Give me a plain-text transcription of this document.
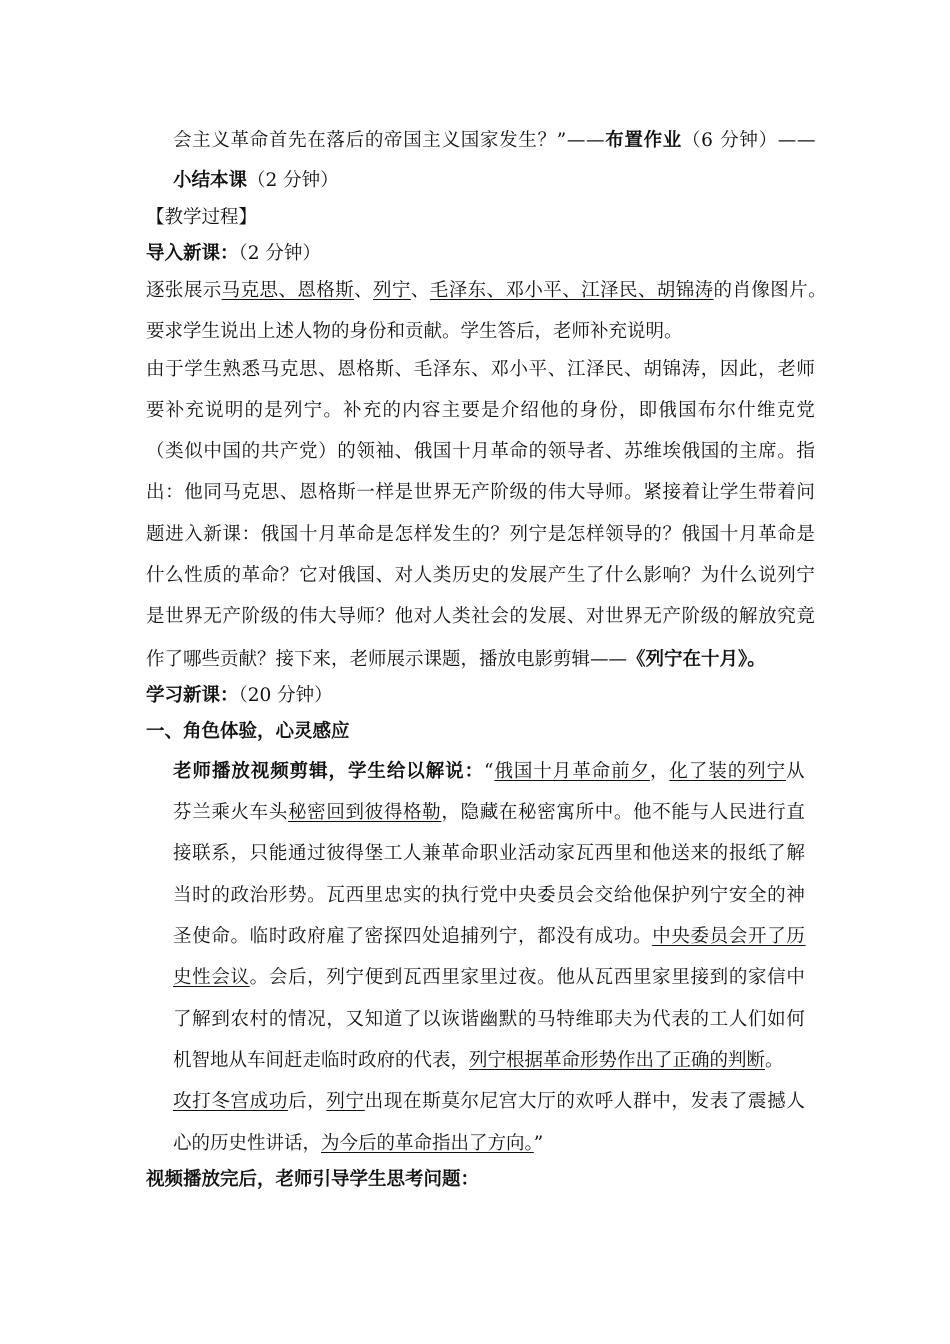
会主义革命首先在落后的帝国主义国家发生？”——布置作业（6 分钟）——
小结本课（2 分钟）
【教学过程】
导入新课：（2 分钟）
逐张展示马克思、恩格斯、列宁、毛泽东、邓小平、江泽民、胡锦涛的肖像图片。
要求学生说出上述人物的身份和贡献。学生答后，老师补充说明。
由于学生熟悉马克思、恩格斯、毛泽东、邓小平、江泽民、胡锦涛，因此，老师
要补充说明的是列宁。补充的内容主要是介绍他的身份，即俄国布尔什维克党
（类似中国的共产党）的领袖、俄国十月革命的领导者、苏维埃俄国的主席。指
出：他同马克思、恩格斯一样是世界无产阶级的伟大导师。紧接着让学生带着问
题进入新课：俄国十月革命是怎样发生的？列宁是怎样领导的？俄国十月革命是
什么性质的革命？它对俄国、对人类历史的发展产生了什么影响？为什么说列宁
是世界无产阶级的伟大导师？他对人类社会的发展、对世界无产阶级的解放究竟
作了哪些贡献？接下来，老师展示课题，播放电影剪辑——《列宁在十月》。
学习新课：（20 分钟）
一、角色体验，心灵感应
老师播放视频剪辑，学生给以解说：“俄国十月革命前夕，化了装的列宁从
芬兰乘火车头秘密回到彼得格勒，隐藏在秘密寓所中。他不能与人民进行直
接联系，只能通过彼得堡工人兼革命职业活动家瓦西里和他送来的报纸了解
当时的政治形势。瓦西里忠实的执行党中央委员会交给他保护列宁安全的神
圣使命。临时政府雇了密探四处追捕列宁，都没有成功。中央委员会开了历
史性会议。会后，列宁便到瓦西里家里过夜。他从瓦西里家里接到的家信中
了解到农村的情况，又知道了以诙谐幽默的马特维耶夫为代表的工人们如何
机智地从车间赶走临时政府的代表，列宁根据革命形势作出了正确的判断。
攻打冬宫成功后，列宁出现在斯莫尔尼宫大厅的欢呼人群中，发表了震撼人
心的历史性讲话，为今后的革命指出了方向。”
视频播放完后，老师引导学生思考问题：
